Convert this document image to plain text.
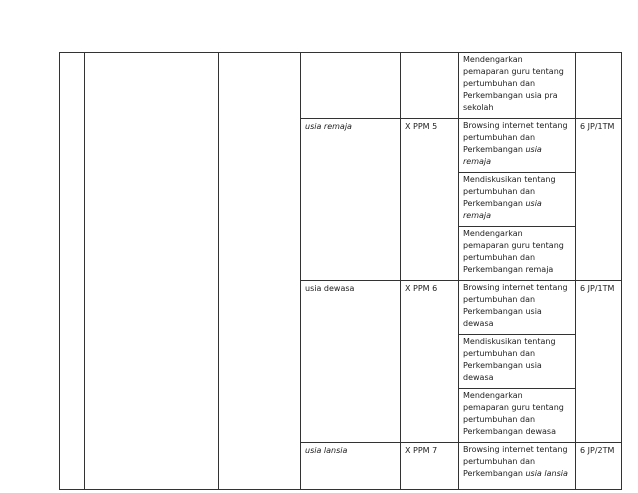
					Mendengarkan pemaparan guru tentang pertumbuhan dan Perkembangan usia pra sekolah	

			usia remaja	X PPM 5	Browsing internet tentang pertumbuhan dan Perkembangan usia remaja
Mendiskusikan tentang pertumbuhan dan Perkembangan usia remaja
Mendengarkan pemaparan guru tentang pertumbuhan dan Perkembangan remaja	6 JP/1TM

			usia dewasa	X PPM 6	Browsing internet tentang pertumbuhan dan Perkembangan usia dewasa
Mendiskusikan tentang pertumbuhan dan Perkembangan usia dewasa
Mendengarkan pemaparan guru tentang pertumbuhan dan Perkembangan dewasa	6 JP/1TM

			usia lansia	X PPM 7	Browsing internet tentang pertumbuhan dan Perkembangan usia lansia	6 JP/2TM
